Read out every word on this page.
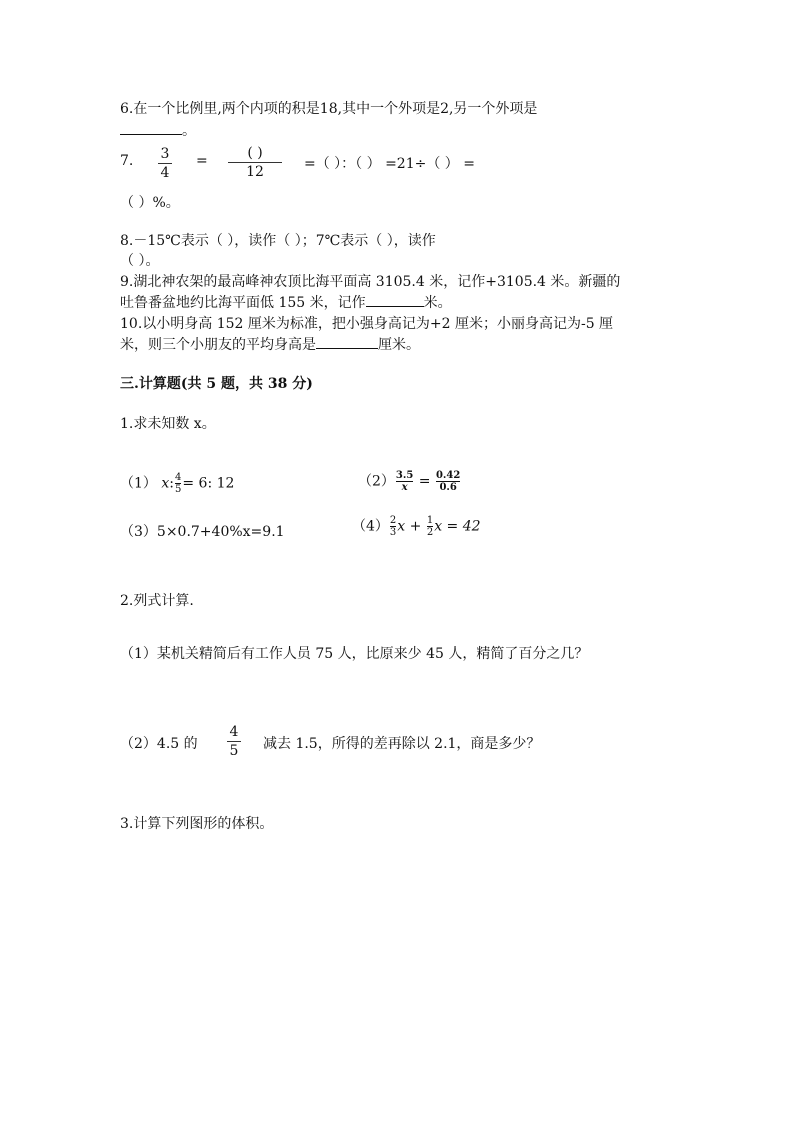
6.在一个比例里,两个内项的积是18,其中一个外项是2,另一个外项是
。
7. 3
4
=	( )
12	=（ ）：（ ） =21÷（ ） =
（ ）%。
8.－15℃表示（ ），读作（ ）；7℃表示（ ），读作
（ ）。
9.湖北神农架的最高峰神农顶比海平面高 3105.4 米，记作+3105.4 米。新疆的
吐鲁番盆地约比海平面低 155 米，记作	米。
10.以小明身高 152 厘米为标准，把小强身高记为+2 厘米；小丽身高记为-5 厘
米，则三个小朋友的平均身高是	厘米。
三.计算题(共 5 题，共 38 分)
1.求未知数 x。
（1） $x:\frac{4}{5}= 6$: 12	$(2)\frac{3.5}{x} = \frac{0.42}{0.6}$
（3）5×0.7+40%x=9.1	$(4)\frac{2}{3}x + \frac{1}{2}x = 42$
2.列式计算.
（1）某机关精简后有工作人员 75 人，比原来少 45 人，精简了百分之几？
（2）4.5 的
4
5 减去 1.5，所得的差再除以 2.1，商是多少？
3.计算下列图形的体积。
